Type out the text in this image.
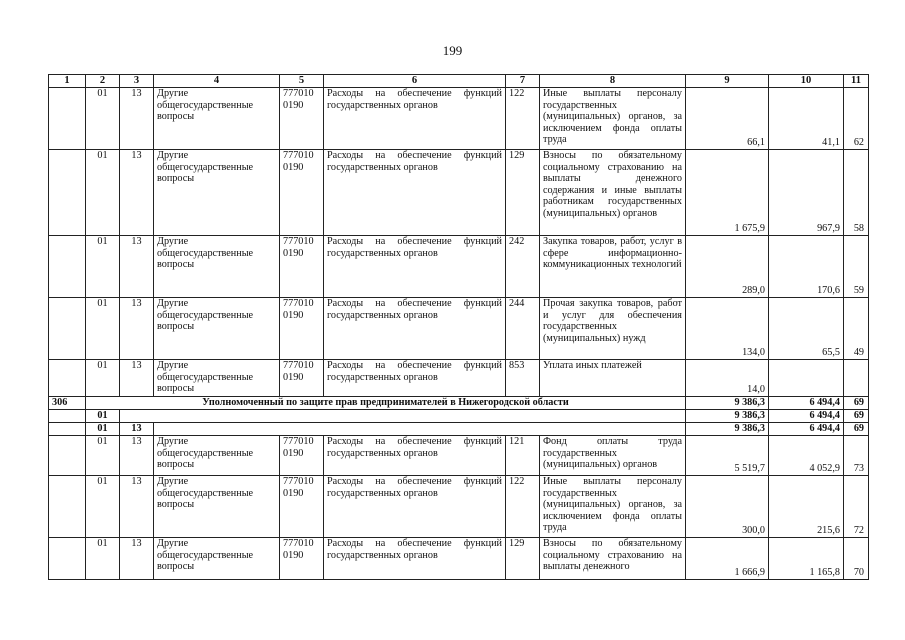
199
1	2	3	4	5	6	7	8	9	10	11
	01	13	Другие общегосударственные вопросы	777010 0190	Расходы на обеспечение функций государственных органов	122	Иные выплаты персоналу государственных (муниципальных) органов, за исключением фонда оплаты труда	66,1	41,1	62
	01	13	Другие общегосударственные вопросы	777010 0190	Расходы на обеспечение функций государственных органов	129	Взносы по обязательному социальному страхованию на выплаты денежного содержания и иные выплаты работникам государственных (муниципальных) органов	1 675,9	967,9	58
	01	13	Другие общегосударственные вопросы	777010 0190	Расходы на обеспечение функций государственных органов	242	Закупка товаров, работ, услуг в сфере информационно-коммуникационных технологий	289,0	170,6	59
	01	13	Другие общегосударственные вопросы	777010 0190	Расходы на обеспечение функций государственных органов	244	Прочая закупка товаров, работ и услуг для обеспечения государственных (муниципальных) нужд	134,0	65,5	49
	01	13	Другие общегосударственные вопросы	777010 0190	Расходы на обеспечение функций государственных органов	853	Уплата иных платежей	14,0		
306	Уполномоченный по защите прав предпринимателей в Нижегородской области							9 386,3	6 494,4	69
	01							9 386,3	6 494,4	69
	01	13						9 386,3	6 494,4	69
	01	13	Другие общегосударственные вопросы	777010 0190	Расходы на обеспечение функций государственных органов	121	Фонд оплаты труда государственных (муниципальных) органов	5 519,7	4 052,9	73
	01	13	Другие общегосударственные вопросы	777010 0190	Расходы на обеспечение функций государственных органов	122	Иные выплаты персоналу государственных (муниципальных) органов, за исключением фонда оплаты труда	300,0	215,6	72
	01	13	Другие общегосударственные вопросы	777010 0190	Расходы на обеспечение функций государственных органов	129	Взносы по обязательному социальному страхованию на выплаты денежного	1 666,9	1 165,8	70
